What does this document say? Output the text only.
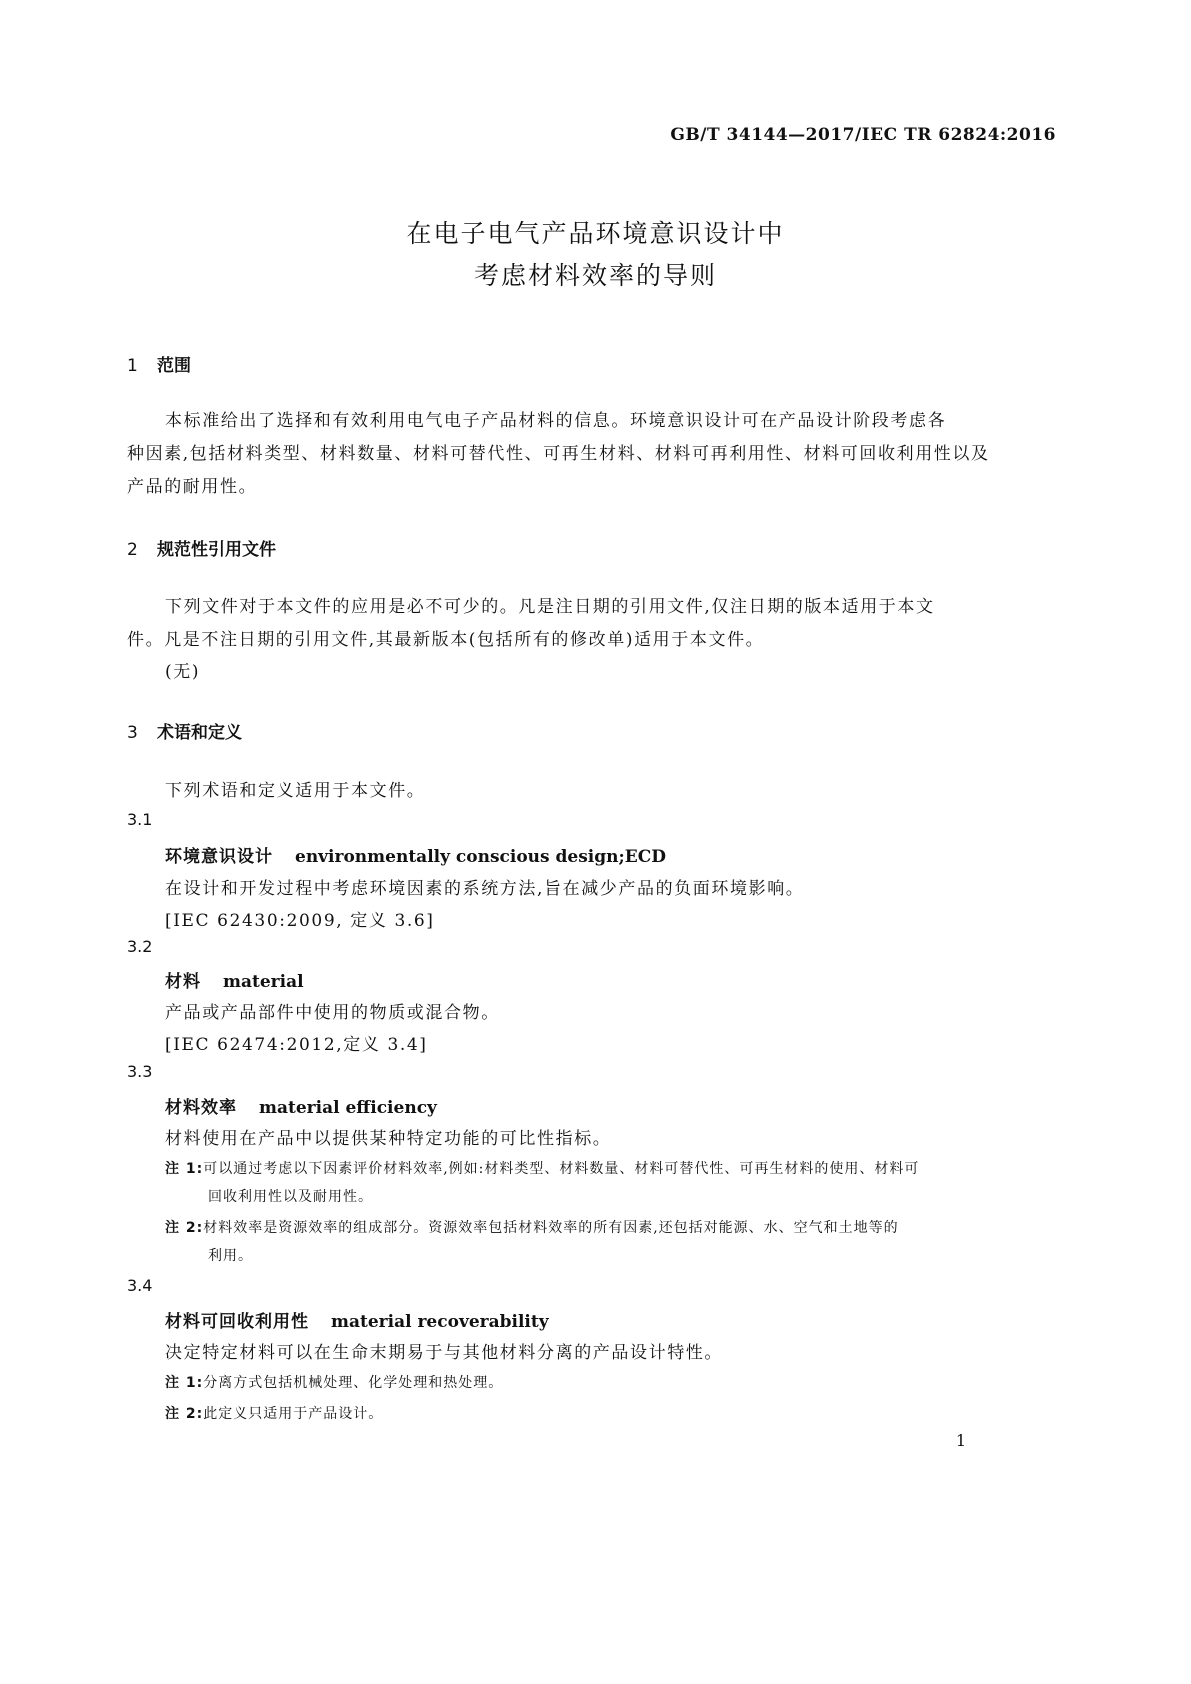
GB/T 34144—2017/IEC TR 62824:2016
在电子电气产品环境意识设计中
考虑材料效率的导则
1 范围
本标准给出了选择和有效利用电气电子产品材料的信息。环境意识设计可在产品设计阶段考虑各
种因素,包括材料类型、材料数量、材料可替代性、可再生材料、材料可再利用性、材料可回收利用性以及
产品的耐用性。
2 规范性引用文件
下列文件对于本文件的应用是必不可少的。凡是注日期的引用文件,仅注日期的版本适用于本文
件。凡是不注日期的引用文件,其最新版本(包括所有的修改单)适用于本文件。
(无)
3 术语和定义
下列术语和定义适用于本文件。
3.1
环境意识设计 environmentally conscious design;ECD
在设计和开发过程中考虑环境因素的系统方法,旨在减少产品的负面环境影响。
[IEC 62430:2009, 定义 3.6]
3.2
材料 material
产品或产品部件中使用的物质或混合物。
[IEC 62474:2012,定义 3.4]
3.3
材料效率 material efficiency
材料使用在产品中以提供某种特定功能的可比性指标。
注 1:可以通过考虑以下因素评价材料效率,例如:材料类型、材料数量、材料可替代性、可再生材料的使用、材料可
回收利用性以及耐用性。
注 2:材料效率是资源效率的组成部分。资源效率包括材料效率的所有因素,还包括对能源、水、空气和土地等的
利用。
3.4
材料可回收利用性 material recoverability
决定特定材料可以在生命末期易于与其他材料分离的产品设计特性。
注 1:分离方式包括机械处理、化学处理和热处理。
注 2:此定义只适用于产品设计。
1
